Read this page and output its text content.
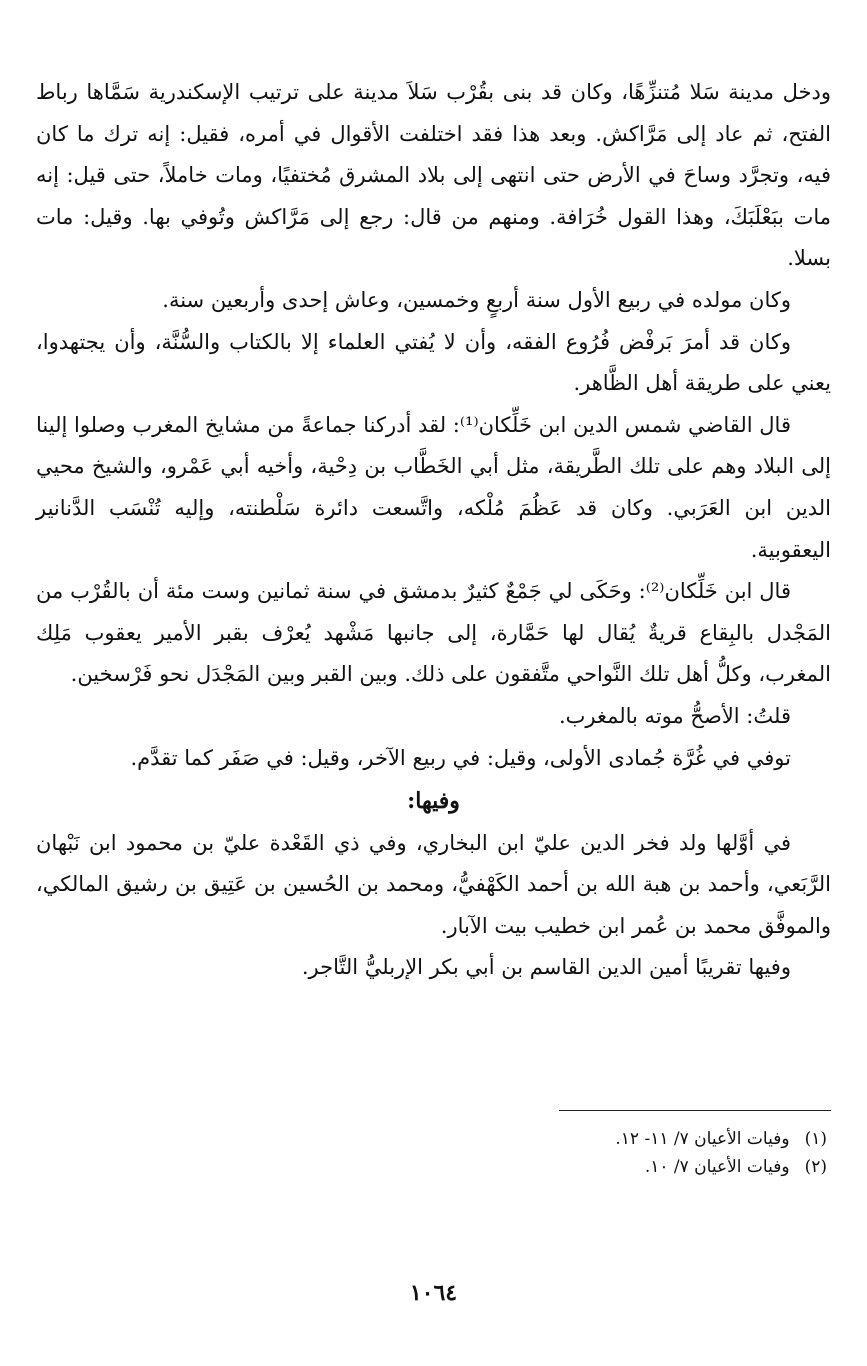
ودخل مدينة سَلا مُتنزِّهًا، وكان قد بنى بقُرْب سَلاَ مدينة على ترتيب الإسكندرية سَمَّاها رباط الفتح، ثم عاد إلى مَرَّاكش. وبعد هذا فقد اختلفت الأقوال في أمره، فقيل: إنه ترك ما كان فيه، وتجرَّد وساحَ في الأرض حتى انتهى إلى بلاد المشرق مُختفيًا، ومات خاملاً، حتى قيل: إنه مات ببَعْلَبَكَ، وهذا القول خُرَافة. ومنهم من قال: رجع إلى مَرَّاكش وتُوفي بها. وقيل: مات بسلا.

وكان مولده في ربيع الأول سنة أربعٍ وخمسين، وعاش إحدى وأربعين سنة.

وكان قد أمرَ بَرفْض فُرُوع الفقه، وأن لا يُفتي العلماء إلا بالكتاب والسُّنَّة، وأن يجتهدوا، يعني على طريقة أهل الظَّاهر.

قال القاضي شمس الدين ابن خَلِّكان⁽¹⁾: لقد أدركنا جماعةً من مشايخ المغرب وصلوا إلينا إلى البلاد وهم على تلك الطَّريقة، مثل أبي الخَطَّاب بن دِحْية، وأخيه أبي عَمْرو، والشيخ محيي الدين ابن العَرَبي. وكان قد عَظُمَ مُلْكه، واتَّسعت دائرة سَلْطنته، وإليه تُنْسَب الدَّنانير اليعقوبية.

قال ابن خَلِّكان⁽²⁾: وحَكَى لي جَمْعٌ كثيرٌ بدمشق في سنة ثمانين وست مئة أن بالقُرْب من المَجْدل بالبِقاع قريةٌ يُقال لها حَمَّارة، إلى جانبها مَشْهد يُعرْف بقبر الأمير يعقوب مَلِك المغرب، وكلُّ أهل تلك النَّواحي متَّفقون على ذلك. وبين القبر وبين المَجْدَل نحو فَرْسخين.

قلتُ: الأصحُّ موته بالمغرب.

توفي في غُرَّة جُمادى الأولى، وقيل: في ربيع الآخر، وقيل: في صَفَر كما تقدَّم.

وفيها:

في أوَّلها ولد فخر الدين عليّ ابن البخاري، وفي ذي القَعْدة عليّ بن محمود ابن نَبْهان الرَّبَعي، وأحمد بن هبة الله بن أحمد الكَهْفيُّ، ومحمد بن الحُسين بن عَتِيق بن رشيق المالكي، والموفَّق محمد بن عُمر ابن خطيب بيت الآبار.

وفيها تقريبًا أمين الدين القاسم بن أبي بكر الإربليُّ التَّاجر.

(١) وفيات الأعيان ٧/ ١١- ١٢.

(٢) وفيات الأعيان ٧/ ١٠.

١٠٦٤
